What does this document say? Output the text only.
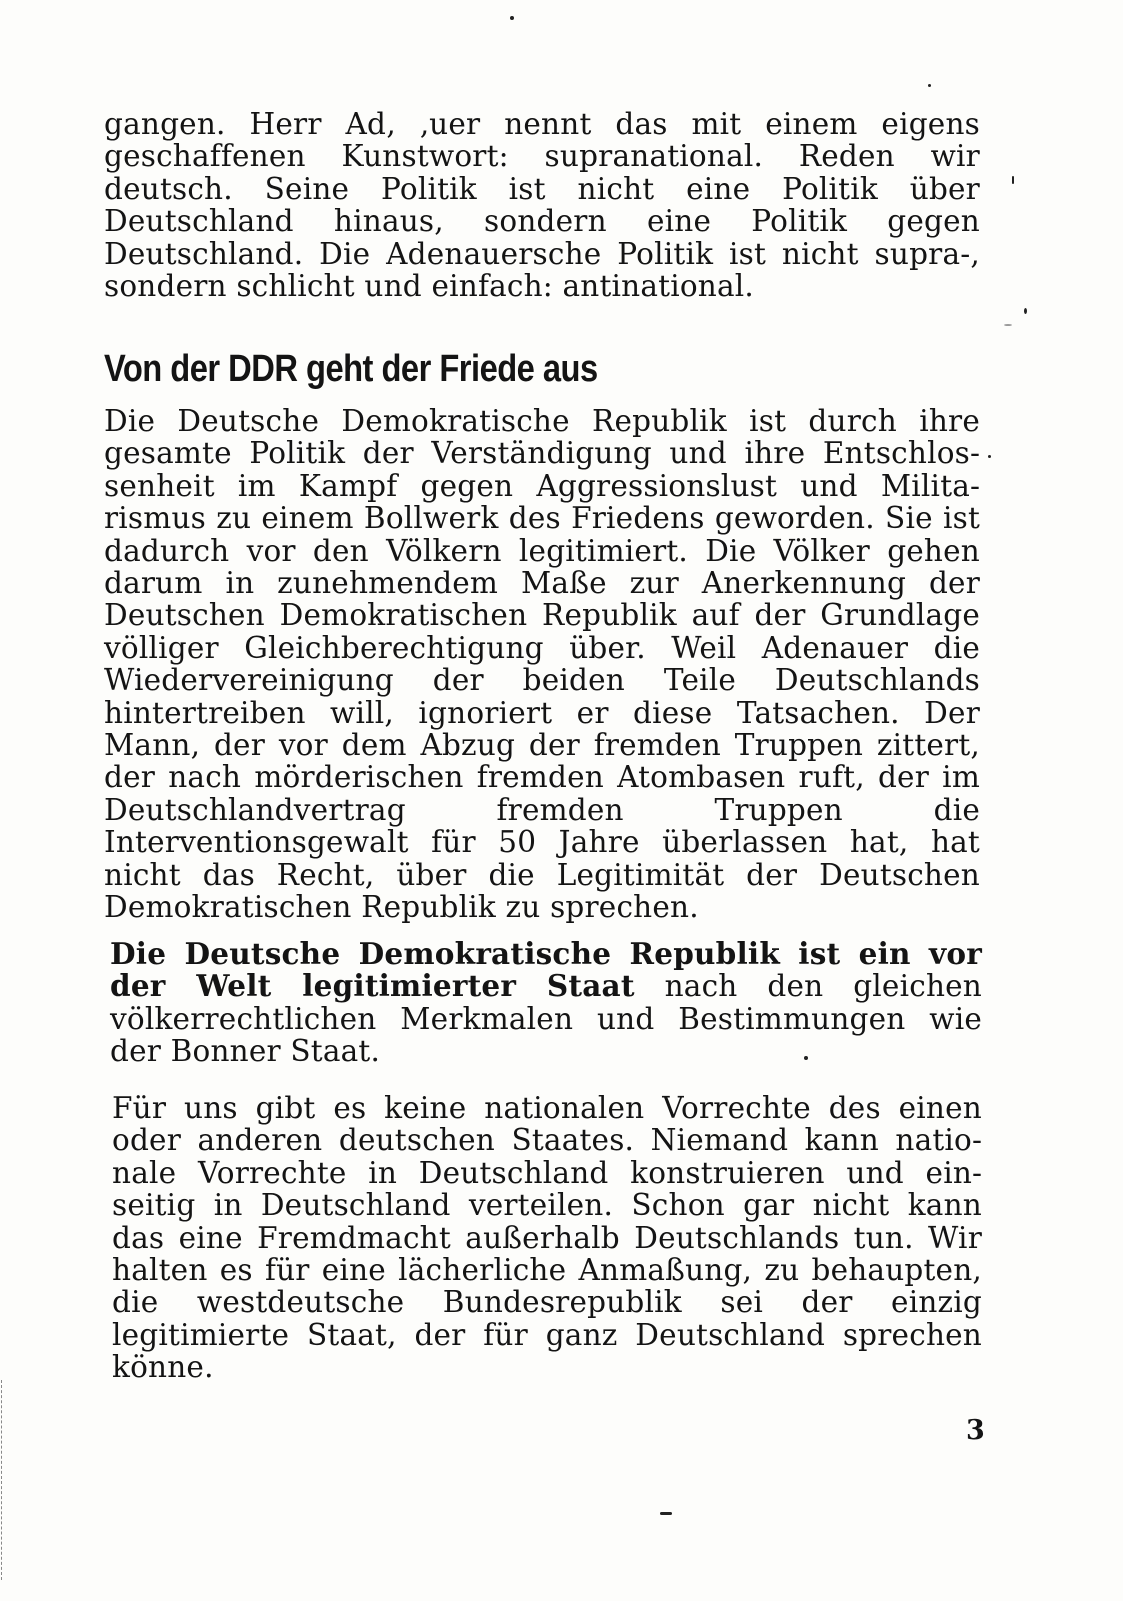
gangen. Herr Ad‚ ‚uer nennt das mit einem eigens geschaffenen Kunstwort: supranational. Reden wir deutsch. Seine Politik ist nicht eine Politik über Deutschland hinaus, sondern eine Politik gegen Deutschland. Die Adenauersche Politik ist nicht supra-, sondern schlicht und einfach: antinational.

Von der DDR geht der Friede aus

Die Deutsche Demokratische Republik ist durch ihre gesamte Politik der Verständigung und ihre Entschlossenheit im Kampf gegen Aggressionslust und Militarismus zu einem Bollwerk des Friedens geworden. Sie ist dadurch vor den Völkern legitimiert. Die Völker gehen darum in zunehmendem Maße zur Anerkennung der Deutschen Demokratischen Republik auf der Grundlage völliger Gleichberechtigung über. Weil Adenauer die Wiedervereinigung der beiden Teile Deutschlands hintertreiben will, ignoriert er diese Tatsachen. Der Mann, der vor dem Abzug der fremden Truppen zittert, der nach mörderischen fremden Atombasen ruft, der im Deutschlandvertrag fremden Truppen die Interventionsgewalt für 50 Jahre überlassen hat, hat nicht das Recht, über die Legitimität der Deutschen Demokratischen Republik zu sprechen.

Die Deutsche Demokratische Republik ist ein vor der Welt legitimierter Staat nach den gleichen völkerrechtlichen Merkmalen und Bestimmungen wie der Bonner Staat.

Für uns gibt es keine nationalen Vorrechte des einen oder anderen deutschen Staates. Niemand kann nationale Vorrechte in Deutschland konstruieren und einseitig in Deutschland verteilen. Schon gar nicht kann das eine Fremdmacht außerhalb Deutschlands tun. Wir halten es für eine lächerliche Anmaßung, zu behaupten, die westdeutsche Bundesrepublik sei der einzig legitimierte Staat, der für ganz Deutschland sprechen könne.

3
